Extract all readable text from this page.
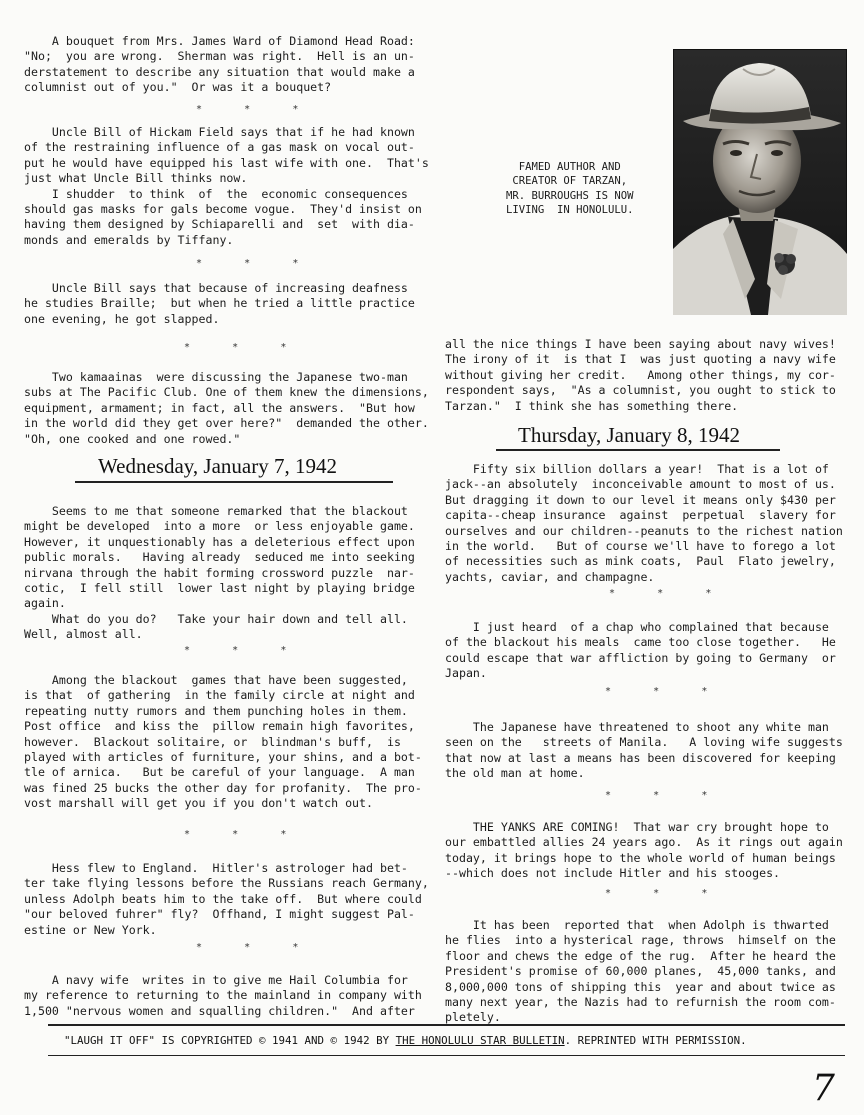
A bouquet from Mrs. James Ward of Diamond Head Road:
"No;  you are wrong.  Sherman was right.  Hell is an un-
derstatement to describe any situation that would make a
columnist out of you."  Or was it a bouquet?
*       *       *
Uncle Bill of Hickam Field says that if he had known
of the restraining influence of a gas mask on vocal out-
put he would have equipped his last wife with one.  That's
just what Uncle Bill thinks now.
I shudder  to think  of  the  economic consequences
should gas masks for gals become vogue.  They'd insist on
having them designed by Schiaparelli and  set  with dia-
monds and emeralds by Tiffany.
*       *       *
Uncle Bill says that because of increasing deafness
he studies Braille;  but when he tried a little practice
one evening, he got slapped.
*       *       *
Two kamaainas  were discussing the Japanese two-man
subs at The Pacific Club. One of them knew the dimensions,
equipment, armament; in fact, all the answers.  "But how
in the world did they get over here?"  demanded the other.
"Oh, one cooked and one rowed."
Wednesday, January 7, 1942
Seems to me that someone remarked that the blackout
might be developed  into a more  or less enjoyable game.
However, it unquestionably has a deleterious effect upon
public morals.   Having already  seduced me into seeking
nirvana through the habit forming crossword puzzle  nar-
cotic,  I fell still  lower last night by playing bridge
again.
What do you do?   Take your hair down and tell all.
Well, almost all.
*       *       *
Among the blackout  games that have been suggested,
is that  of gathering  in the family circle at night and
repeating nutty rumors and them punching holes in them.
Post office  and kiss the  pillow remain high favorites,
however.  Blackout solitaire, or  blindman's buff,  is
played with articles of furniture, your shins, and a bot-
tle of arnica.   But be careful of your language.  A man
was fined 25 bucks the other day for profanity.  The pro-
vost marshall will get you if you don't watch out.
*       *       *
Hess flew to England.  Hitler's astrologer had bet-
ter take flying lessons before the Russians reach Germany,
unless Adolph beats him to the take off.  But where could
"our beloved fuhrer" fly?  Offhand, I might suggest Pal-
estine or New York.
*       *       *
A navy wife  writes in to give me Hail Columbia for
my reference to returning to the mainland in company with
1,500 "nervous women and squalling children."  And after
FAMED AUTHOR AND
CREATOR OF TARZAN,
MR. BURROUGHS IS NOW
LIVING  IN HONOLULU.
all the nice things I have been saying about navy wives!
The irony of it  is that I  was just quoting a navy wife
without giving her credit.   Among other things, my cor-
respondent says,  "As a columnist, you ought to stick to
Tarzan."  I think she has something there.
Thursday, January 8, 1942
Fifty six billion dollars a year!  That is a lot of
jack--an absolutely  inconceivable amount to most of us.
But dragging it down to our level it means only $430 per
capita--cheap insurance  against  perpetual  slavery for
ourselves and our children--peanuts to the richest nation
in the world.   But of course we'll have to forego a lot
of necessities such as mink coats,  Paul  Flato jewelry,
yachts, caviar, and champagne.
*       *       *
I just heard  of a chap who complained that because
of the blackout his meals  came too close together.   He
could escape that war affliction by going to Germany  or
Japan.
*       *       *
The Japanese have threatened to shoot any white man
seen on the   streets of Manila.   A loving wife suggests
that now at last a means has been discovered for keeping
the old man at home.
*       *       *
THE YANKS ARE COMING!  That war cry brought hope to
our embattled allies 24 years ago.  As it rings out again
today, it brings hope to the whole world of human beings
--which does not include Hitler and his stooges.
*       *       *
It has been  reported that  when Adolph is thwarted
he flies  into a hysterical rage, throws  himself on the
floor and chews the edge of the rug.  After he heard the
President's promise of 60,000 planes,  45,000 tanks, and
8,000,000 tons of shipping this  year and about twice as
many next year, the Nazis had to refurnish the room com-
pletely.
"LAUGH IT OFF" IS COPYRIGHTED © 1941 AND © 1942 BY THE HONOLULU STAR BULLETIN. REPRINTED WITH PERMISSION.
7
